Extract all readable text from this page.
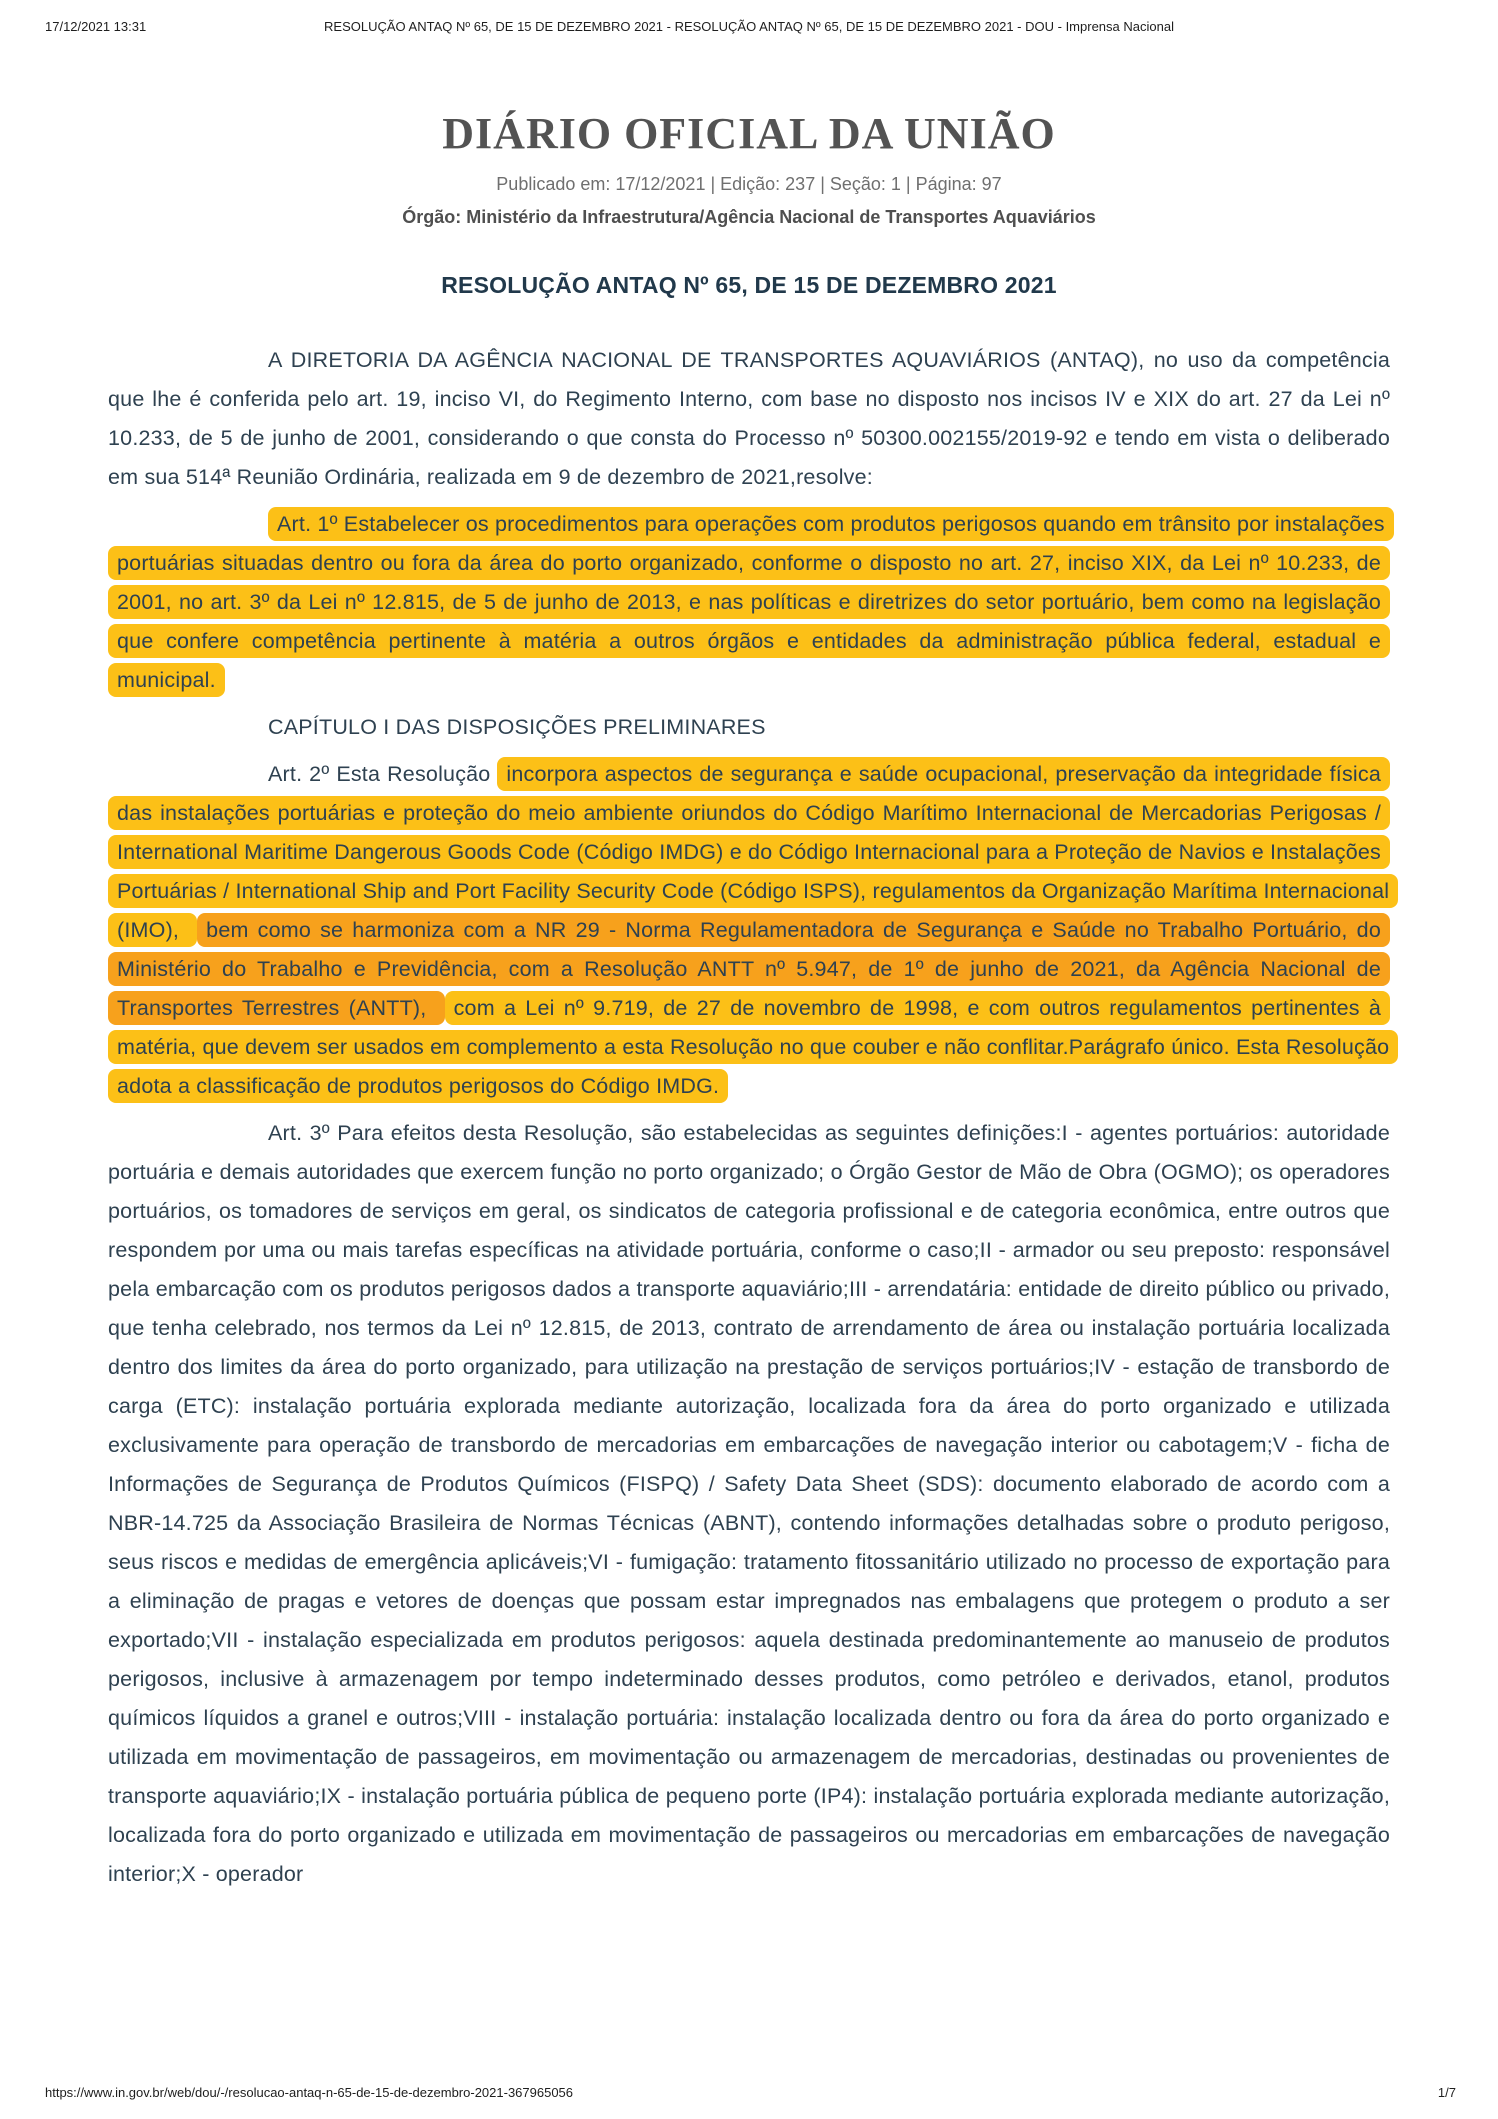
17/12/2021 13:31	RESOLUÇÃO ANTAQ Nº 65, DE 15 DE DEZEMBRO 2021 - RESOLUÇÃO ANTAQ Nº 65, DE 15 DE DEZEMBRO 2021 - DOU - Imprensa Nacional
DIÁRIO OFICIAL DA UNIÃO

Publicado em: 17/12/2021 | Edição: 237 | Seção: 1 | Página: 97

Órgão: Ministério da Infraestrutura/Agência Nacional de Transportes Aquaviários

RESOLUÇÃO ANTAQ Nº 65, DE 15 DE DEZEMBRO 2021

A DIRETORIA DA AGÊNCIA NACIONAL DE TRANSPORTES AQUAVIÁRIOS (ANTAQ), no uso da competência que lhe é conferida pelo art. 19, inciso VI, do Regimento Interno, com base no disposto nos incisos IV e XIX do art. 27 da Lei nº 10.233, de 5 de junho de 2001, considerando o que consta do Processo nº 50300.002155/2019-92 e tendo em vista o deliberado em sua 514ª Reunião Ordinária, realizada em 9 de dezembro de 2021,resolve:

Art. 1º Estabelecer os procedimentos para operações com produtos perigosos quando em trânsito por instalações portuárias situadas dentro ou fora da área do porto organizado, conforme o disposto no art. 27, inciso XIX, da Lei nº 10.233, de 2001, no art. 3º da Lei nº 12.815, de 5 de junho de 2013, e nas políticas e diretrizes do setor portuário, bem como na legislação que confere competência pertinente à matéria a outros órgãos e entidades da administração pública federal, estadual e municipal.

CAPÍTULO I DAS DISPOSIÇÕES PRELIMINARES

Art. 2º Esta Resolução incorpora aspectos de segurança e saúde ocupacional, preservação da integridade física das instalações portuárias e proteção do meio ambiente oriundos do Código Marítimo Internacional de Mercadorias Perigosas / International Maritime Dangerous Goods Code (Código IMDG) e do Código Internacional para a Proteção de Navios e Instalações Portuárias / International Ship and Port Facility Security Code (Código ISPS), regulamentos da Organização Marítima Internacional (IMO), bem como se harmoniza com a NR 29 - Norma Regulamentadora de Segurança e Saúde no Trabalho Portuário, do Ministério do Trabalho e Previdência, com a Resolução ANTT nº 5.947, de 1º de junho de 2021, da Agência Nacional de Transportes Terrestres (ANTT), com a Lei nº 9.719, de 27 de novembro de 1998, e com outros regulamentos pertinentes à matéria, que devem ser usados em complemento a esta Resolução no que couber e não conflitar.Parágrafo único. Esta Resolução adota a classificação de produtos perigosos do Código IMDG.

Art. 3º Para efeitos desta Resolução, são estabelecidas as seguintes definições:I - agentes portuários: autoridade portuária e demais autoridades que exercem função no porto organizado; o Órgão Gestor de Mão de Obra (OGMO); os operadores portuários, os tomadores de serviços em geral, os sindicatos de categoria profissional e de categoria econômica, entre outros que respondem por uma ou mais tarefas específicas na atividade portuária, conforme o caso;II - armador ou seu preposto: responsável pela embarcação com os produtos perigosos dados a transporte aquaviário;III - arrendatária: entidade de direito público ou privado, que tenha celebrado, nos termos da Lei nº 12.815, de 2013, contrato de arrendamento de área ou instalação portuária localizada dentro dos limites da área do porto organizado, para utilização na prestação de serviços portuários;IV - estação de transbordo de carga (ETC): instalação portuária explorada mediante autorização, localizada fora da área do porto organizado e utilizada exclusivamente para operação de transbordo de mercadorias em embarcações de navegação interior ou cabotagem;V - ficha de Informações de Segurança de Produtos Químicos (FISPQ) / Safety Data Sheet (SDS): documento elaborado de acordo com a NBR-14.725 da Associação Brasileira de Normas Técnicas (ABNT), contendo informações detalhadas sobre o produto perigoso, seus riscos e medidas de emergência aplicáveis;VI - fumigação: tratamento fitossanitário utilizado no processo de exportação para a eliminação de pragas e vetores de doenças que possam estar impregnados nas embalagens que protegem o produto a ser exportado;VII - instalação especializada em produtos perigosos: aquela destinada predominantemente ao manuseio de produtos perigosos, inclusive à armazenagem por tempo indeterminado desses produtos, como petróleo e derivados, etanol, produtos químicos líquidos a granel e outros;VIII - instalação portuária: instalação localizada dentro ou fora da área do porto organizado e utilizada em movimentação de passageiros, em movimentação ou armazenagem de mercadorias, destinadas ou provenientes de transporte aquaviário;IX - instalação portuária pública de pequeno porte (IP4): instalação portuária explorada mediante autorização, localizada fora do porto organizado e utilizada em movimentação de passageiros ou mercadorias em embarcações de navegação interior;X - operador

https://www.in.gov.br/web/dou/-/resolucao-antaq-n-65-de-15-de-dezembro-2021-367965056	1/7
